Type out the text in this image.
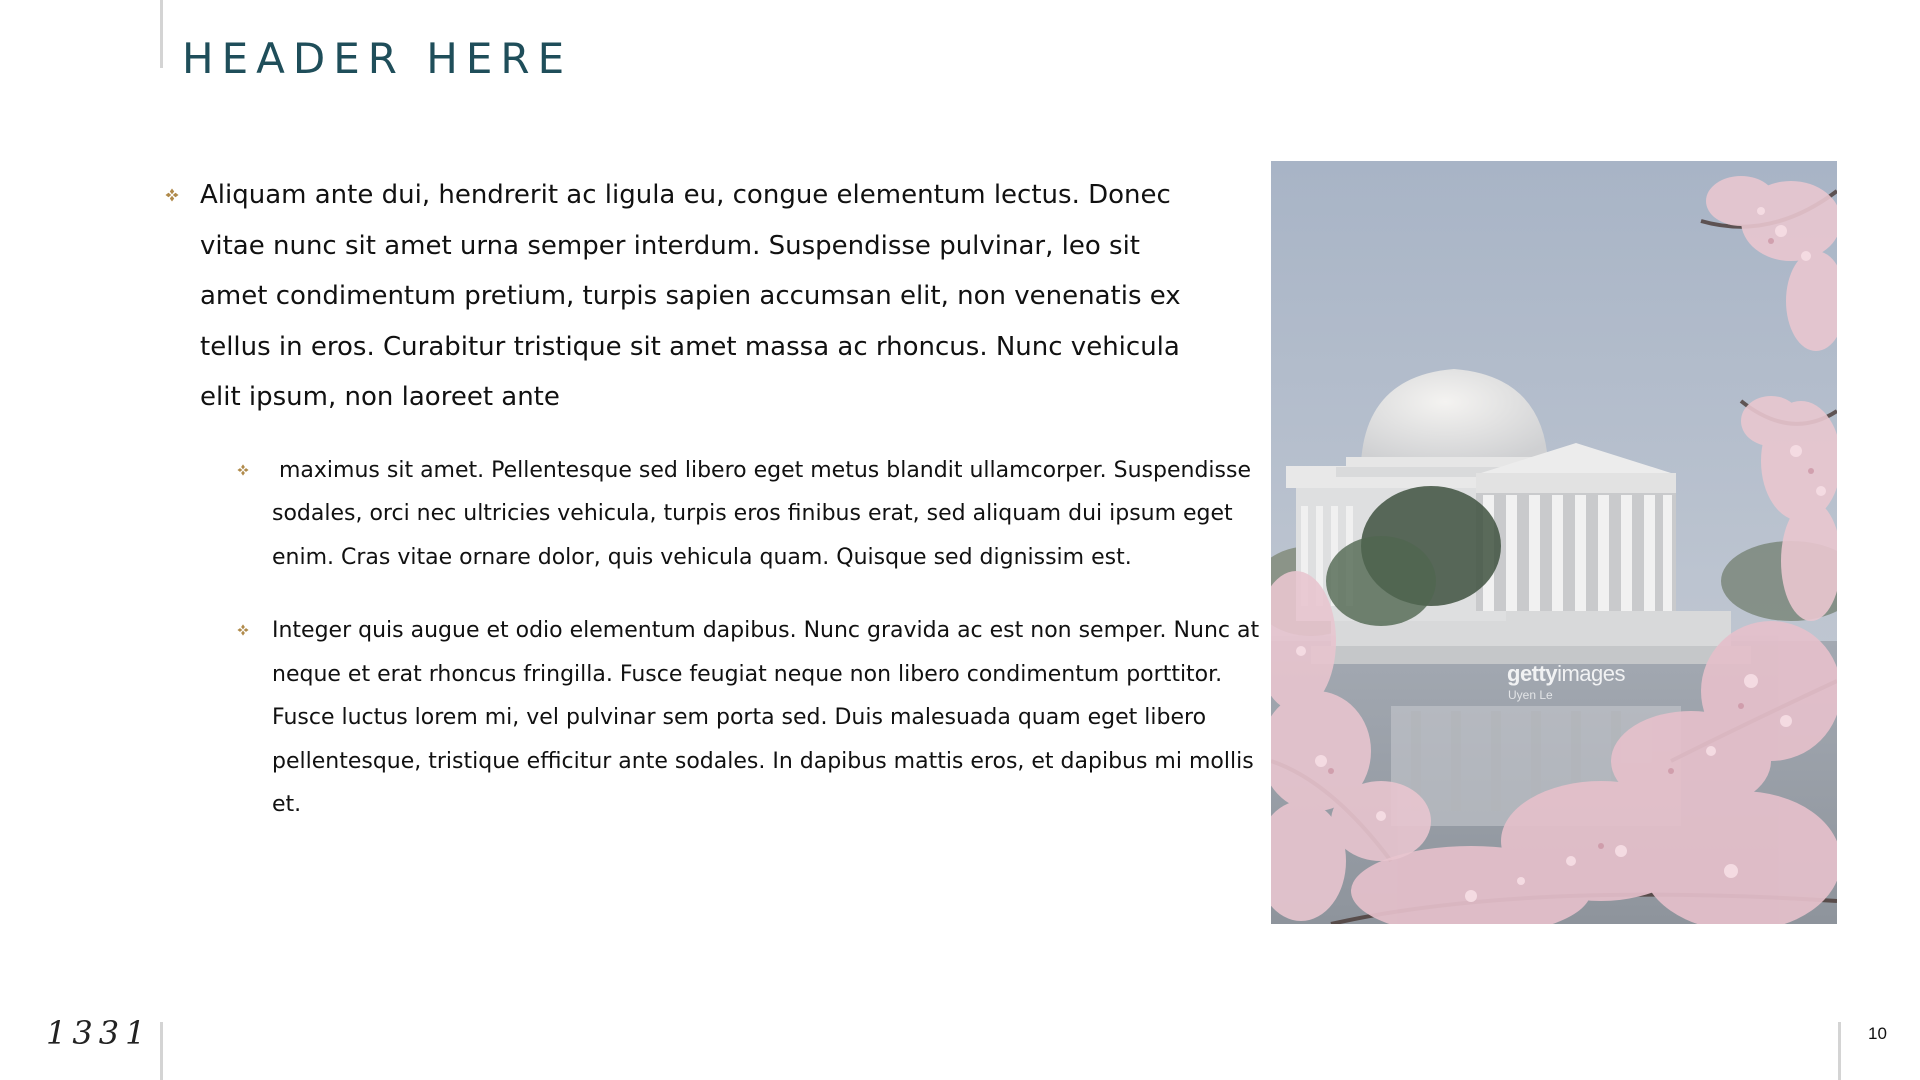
HEADER HERE
Aliquam ante dui, hendrerit ac ligula eu, congue elementum lectus. Donec vitae nunc sit amet urna semper interdum. Suspendisse pulvinar, leo sit amet condimentum pretium, turpis sapien accumsan elit, non venenatis ex tellus in eros. Curabitur tristique sit amet massa ac rhoncus. Nunc vehicula elit ipsum, non laoreet ante
maximus sit amet. Pellentesque sed libero eget metus blandit ullamcorper. Suspendisse sodales, orci nec ultricies vehicula, turpis eros finibus erat, sed aliquam dui ipsum eget enim. Cras vitae ornare dolor, quis vehicula quam. Quisque sed dignissim est.
Integer quis augue et odio elementum dapibus. Nunc gravida ac est non semper. Nunc at neque et erat rhoncus fringilla. Fusce feugiat neque non libero condimentum porttitor. Fusce luctus lorem mi, vel pulvinar sem porta sed. Duis malesuada quam eget libero pellentesque, tristique efficitur ante sodales. In dapibus mattis eros, et dapibus mi mollis et.
gettyimages
Uyen Le
1331	10
